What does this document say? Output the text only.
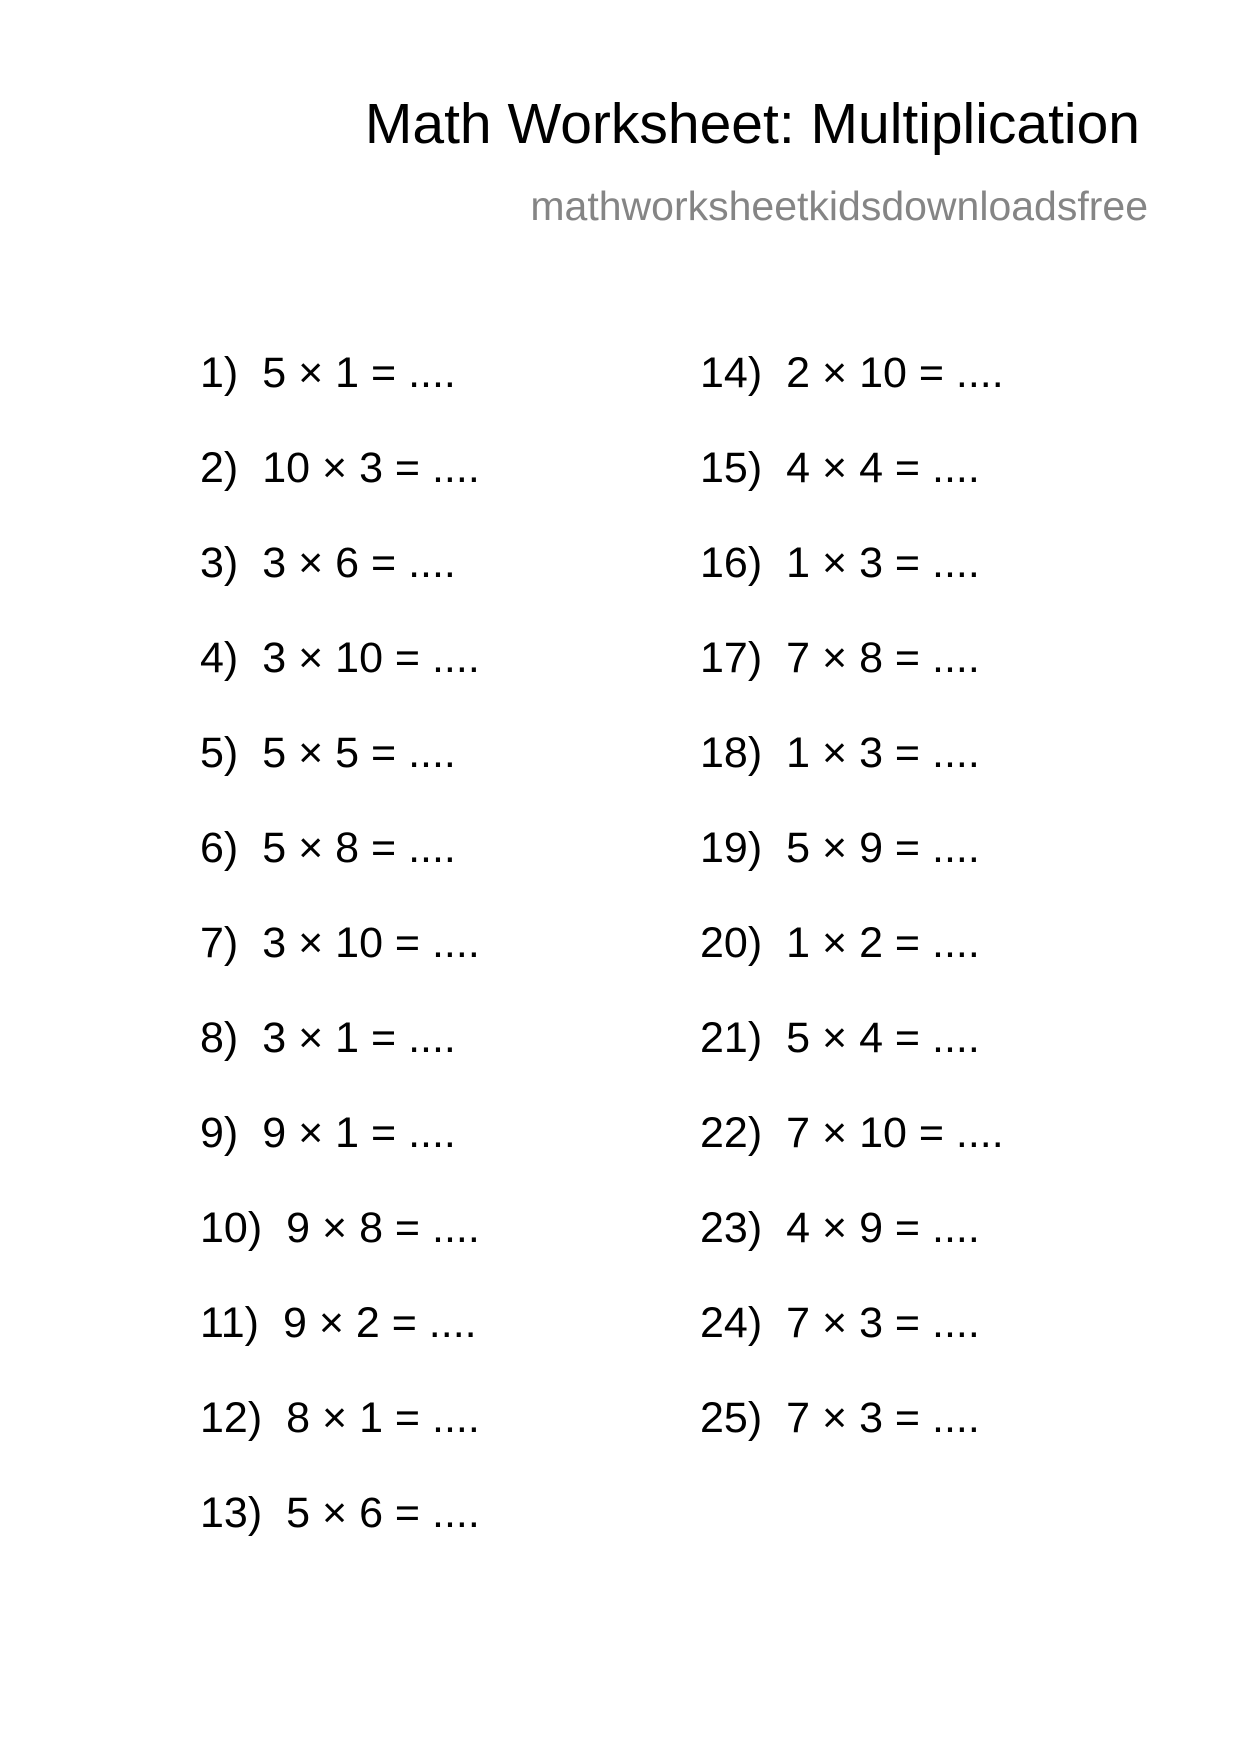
Math Worksheet: Multiplication
mathworksheetkidsdownloadsfree
1) 5 × 1 = ....
2) 10 × 3 = ....
3) 3 × 6 = ....
4) 3 × 10 = ....
5) 5 × 5 = ....
6) 5 × 8 = ....
7) 3 × 10 = ....
8) 3 × 1 = ....
9) 9 × 1 = ....
10) 9 × 8 = ....
11) 9 × 2 = ....
12) 8 × 1 = ....
13) 5 × 6 = ....
14) 2 × 10 = ....
15) 4 × 4 = ....
16) 1 × 3 = ....
17) 7 × 8 = ....
18) 1 × 3 = ....
19) 5 × 9 = ....
20) 1 × 2 = ....
21) 5 × 4 = ....
22) 7 × 10 = ....
23) 4 × 9 = ....
24) 7 × 3 = ....
25) 7 × 3 = ....
